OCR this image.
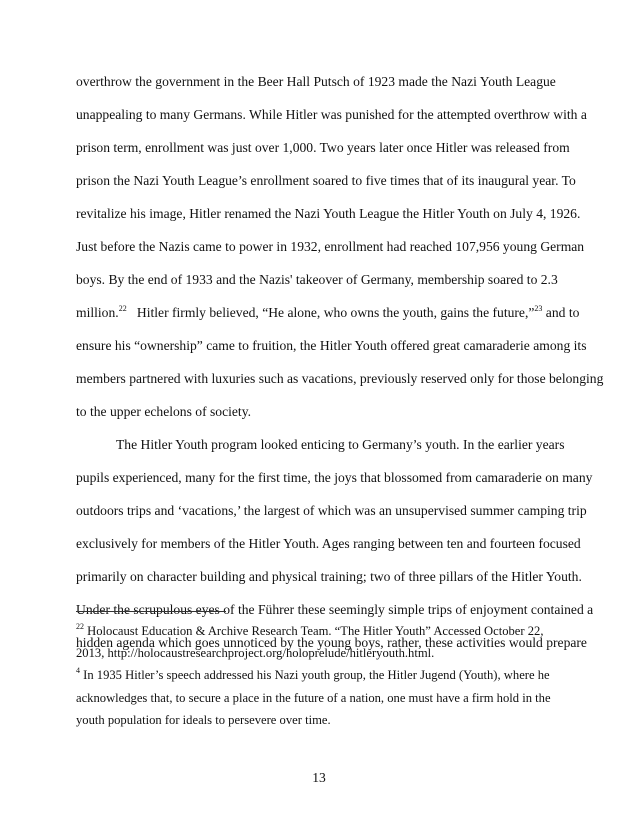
overthrow the government in the Beer Hall Putsch of 1923 made the Nazi Youth League
unappealing to many Germans. While Hitler was punished for the attempted overthrow with a
prison term, enrollment was just over 1,000. Two years later once Hitler was released from
prison the Nazi Youth League’s enrollment soared to five times that of its inaugural year. To
revitalize his image, Hitler renamed the Nazi Youth League the Hitler Youth on July 4, 1926.
Just before the Nazis came to power in 1932, enrollment had reached 107,956 young German
boys. By the end of 1933 and the Nazis' takeover of Germany, membership soared to 2.3
million.$^{22}$   Hitler firmly believed, “He alone, who owns the youth, gains the future,”$^{23}$ and to
ensure his “ownership” came to fruition, the Hitler Youth offered great camaraderie among its
members partnered with luxuries such as vacations, previously reserved only for those belonging
to the upper echelons of society.
The Hitler Youth program looked enticing to Germany’s youth. In the earlier years
pupils experienced, many for the first time, the joys that blossomed from camaraderie on many
outdoors trips and ‘vacations,’ the largest of which was an unsupervised summer camping trip
exclusively for members of the Hitler Youth. Ages ranging between ten and fourteen focused
primarily on character building and physical training; two of three pillars of the Hitler Youth.
Under the scrupulous eyes of the Führer these seemingly simple trips of enjoyment contained a
hidden agenda which goes unnoticed by the young boys, rather, these activities would prepare
$^{22}$ Holocaust Education & Archive Research Team. “The Hitler Youth” Accessed October 22,
2013, http://holocaustresearchproject.org/holoprelude/hitleryouth.html.
$^4$ In 1935 Hitler’s speech addressed his Nazi youth group, the Hitler Jugend (Youth), where he
acknowledges that, to secure a place in the future of a nation, one must have a firm hold in the
youth population for ideals to persevere over time.
13
